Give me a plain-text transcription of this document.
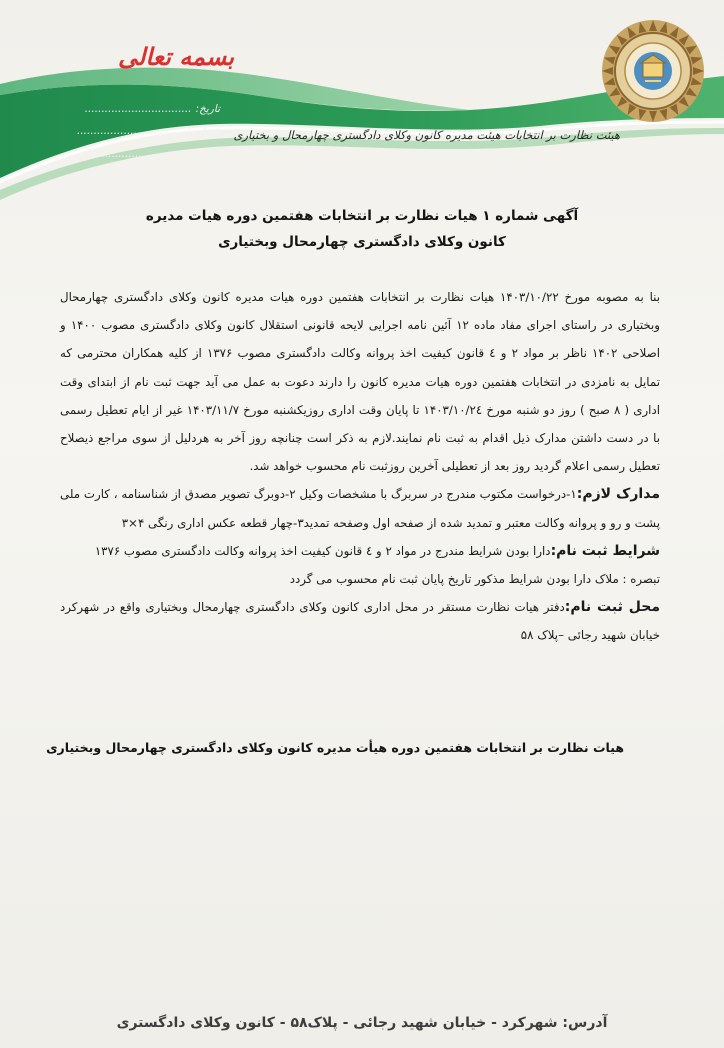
بسمه تعالی
تاریخ:................................
شماره:................................
پیوست:................................
هیئت نظارت بر انتخابات هیئت مدیره کانون وکلای دادگستری چهارمحال و بختیاری
آگهی شماره ۱ هیات نظارت بر انتخابات هفتمین دوره هیات مدیره
کانون وکلای دادگستری چهارمحال وبختیاری

بنا به مصوبه مورخ ۱۴۰۳/۱۰/۲۲ هیات نظارت بر انتخابات هفتمین دوره هیات مدیره کانون وکلای دادگستری چهارمحال وبختیاری در راستای اجرای مفاد ماده ۱۲ آئین نامه اجرایی لایحه قانونی استقلال کانون وکلای دادگستری مصوب ۱۴۰۰ و اصلاحی ۱۴۰۲ ناظر بر مواد ۲ و ٤ قانون کیفیت اخذ پروانه وکالت دادگستری مصوب ۱۳۷۶ از کلیه همکاران محترمی که تمایل به نامزدی در انتخابات هفتمین دوره هیات مدیره کانون را دارند دعوت به عمل می آید جهت ثبت نام از ابتدای وقت اداری ( ۸ صبح ) روز دو شنبه مورخ ۱۴۰۳/۱۰/۲٤ تا پایان وقت اداری روزیکشنبه مورخ ۱۴۰۳/۱۱/۷ غیر از ایام تعطیل رسمی با در دست داشتن مدارک ذیل اقدام به ثبت نام نمایند.لازم به ذکر است چنانچه روز آخر به هردلیل از سوی مراجع ذیصلاح تعطیل رسمی اعلام گردید روز بعد از تعطیلی آخرین روزثبت نام محسوب خواهد شد.

مدارک لازم:۱-درخواست مکتوب مندرج در سربرگ با مشخصات وکیل ۲-دوبرگ تصویر مصدق از شناسنامه ، کارت ملی پشت و رو و پروانه وکالت معتبر و تمدید شده از صفحه اول وصفحه تمدید۳-چهار قطعه عکس اداری رنگی ۴×۳

شرایط ثبت نام:دارا بودن شرایط مندرج در مواد ۲ و ٤ قانون کیفیت اخذ پروانه وکالت دادگستری مصوب ۱۳۷۶

تبصره : ملاک دارا بودن شرایط مذکور تاریخ پایان ثبت نام محسوب می گردد

محل ثبت نام:دفتر هیات نظارت مستقر در محل اداری کانون وکلای دادگستری چهارمحال وبختیاری واقع در شهرکرد خیابان شهید رجائی –پلاک ۵۸

هیات نظارت بر انتخابات هفتمین دوره هیأت مدیره کانون وکلای دادگستری چهارمحال وبختیاری
آدرس: شهرکرد - خیابان شهید رجائی - پلاک۵۸ - کانون وکلای دادگستری
